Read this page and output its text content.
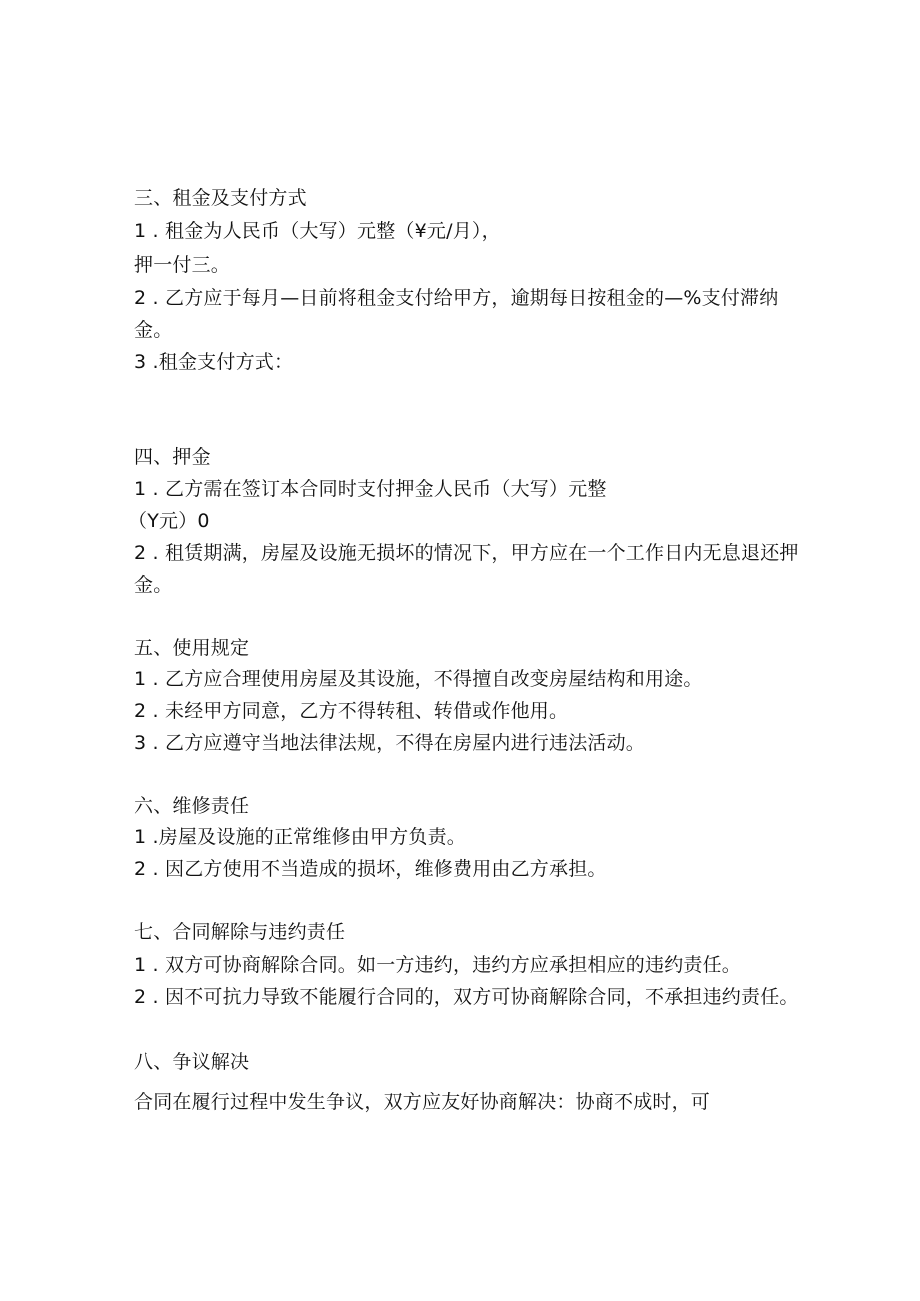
三、租金及支付方式
1 . 租金为人民币（大写）元整（¥元/月），
押一付三。
2 . 乙方应于每月—日前将租金支付给甲方，逾期每日按租金的—%支付滞纳
金。
3 .租金支付方式：
四、押金
1 . 乙方需在签订本合同时支付押金人民币（大写）元整
（Y元）0
2 . 租赁期满，房屋及设施无损坏的情况下，甲方应在一个工作日内无息退还押
金。
五、使用规定
1 . 乙方应合理使用房屋及其设施，不得擅自改变房屋结构和用途。
2 . 未经甲方同意，乙方不得转租、转借或作他用。
3 . 乙方应遵守当地法律法规，不得在房屋内进行违法活动。
六、维修责任
1 .房屋及设施的正常维修由甲方负责。
2 . 因乙方使用不当造成的损坏，维修费用由乙方承担。
七、合同解除与违约责任
1 . 双方可协商解除合同。如一方违约，违约方应承担相应的违约责任。
2 . 因不可抗力导致不能履行合同的，双方可协商解除合同，不承担违约责任。
八、争议解决
合同在履行过程中发生争议，双方应友好协商解决：协商不成时，可
